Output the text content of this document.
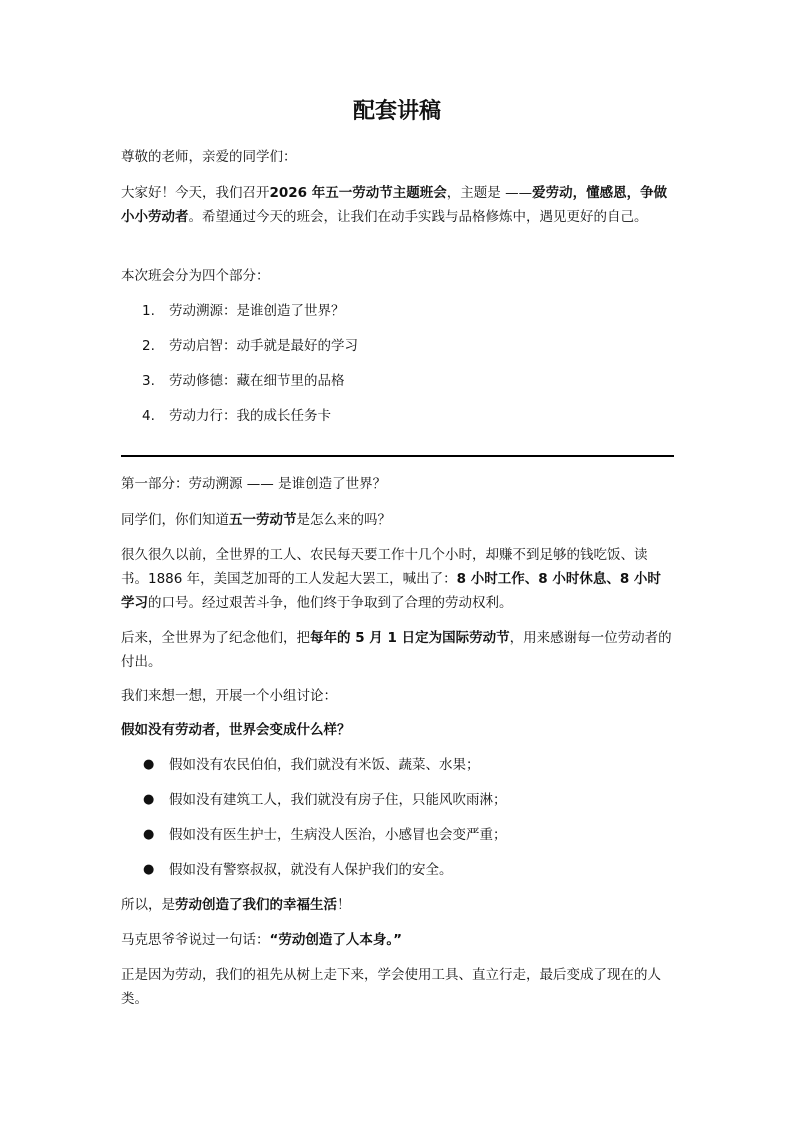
配套讲稿

尊敬的老师，亲爱的同学们：

大家好！今天，我们召开2026 年五一劳动节主题班会，主题是 ——爱劳动，懂感恩，争做小小劳动者。希望通过今天的班会，让我们在动手实践与品格修炼中，遇见更好的自己。

本次班会分为四个部分：

1.	劳动溯源：是谁创造了世界？
2.	劳动启智：动手就是最好的学习
3.	劳动修德：藏在细节里的品格
4.	劳动力行：我的成长任务卡

第一部分：劳动溯源 —— 是谁创造了世界？

同学们，你们知道五一劳动节是怎么来的吗？

很久很久以前，全世界的工人、农民每天要工作十几个小时，却赚不到足够的钱吃饭、读书。1886 年，美国芝加哥的工人发起大罢工，喊出了：8 小时工作、8 小时休息、8 小时学习的口号。经过艰苦斗争，他们终于争取到了合理的劳动权利。

后来，全世界为了纪念他们，把每年的 5 月 1 日定为国际劳动节，用来感谢每一位劳动者的付出。

我们来想一想，开展一个小组讨论：

假如没有劳动者，世界会变成什么样？

● 假如没有农民伯伯，我们就没有米饭、蔬菜、水果；
● 假如没有建筑工人，我们就没有房子住，只能风吹雨淋；
● 假如没有医生护士，生病没人医治，小感冒也会变严重；
● 假如没有警察叔叔，就没有人保护我们的安全。

所以，是劳动创造了我们的幸福生活！

马克思爷爷说过一句话：“劳动创造了人本身。”

正是因为劳动，我们的祖先从树上走下来，学会使用工具、直立行走，最后变成了现在的人类。
